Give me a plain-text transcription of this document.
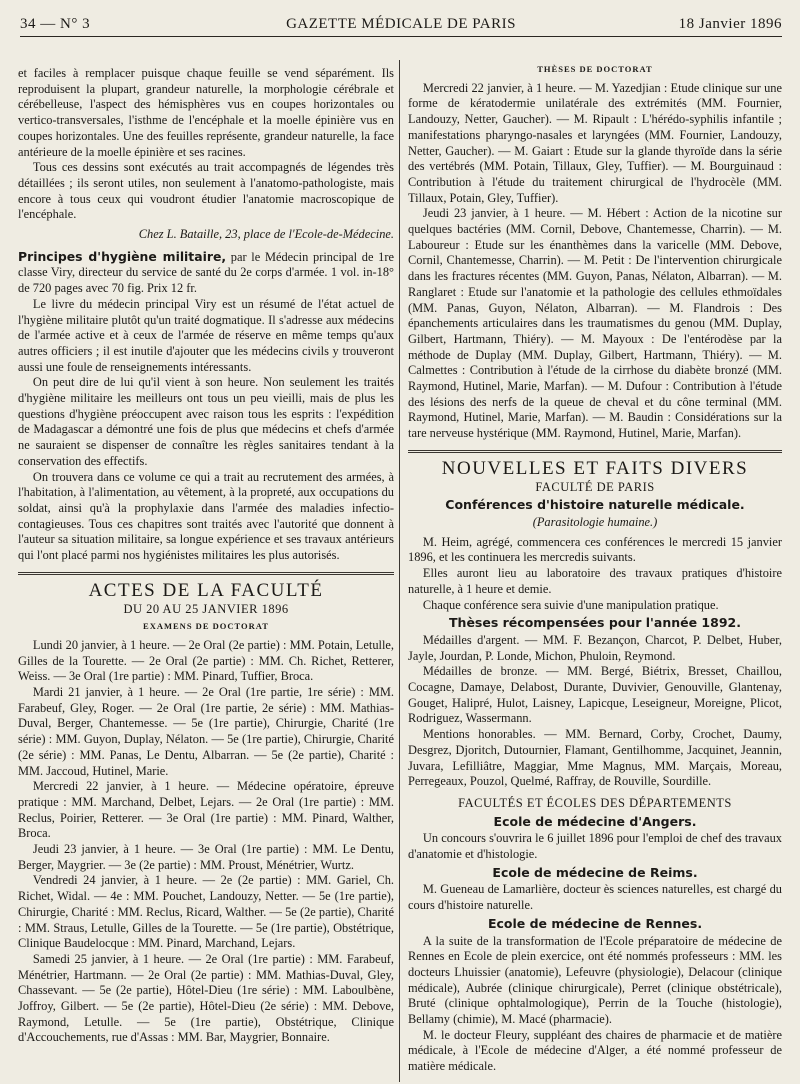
34 — N° 3	GAZETTE MÉDICALE DE PARIS	18 Janvier 1896

et faciles à remplacer puisque chaque feuille se vend séparément. Ils reproduisent la plupart, grandeur naturelle, la morphologie cérébrale et cérébelleuse, l'aspect des hémisphères vus en coupes horizontales ou vertico-transversales, l'isthme de l'encéphale et la moelle épinière vus en coupes horizontales. Une des feuilles représente, grandeur naturelle, la face antérieure de la moelle épinière et ses racines.

Tous ces dessins sont exécutés au trait accompagnés de légendes très détaillées ; ils seront utiles, non seulement à l'anatomo-pathologiste, mais encore à tous ceux qui voudront étudier l'anatomie macroscopique de l'encéphale.

Chez L. Bataille, 23, place de l'Ecole-de-Médecine.

Principes d'hygiène militaire, par le Médecin principal de 1re classe Viry, directeur du service de santé du 2e corps d'armée. 1 vol. in-18° de 720 pages avec 70 fig. Prix 12 fr.

Le livre du médecin principal Viry est un résumé de l'état actuel de l'hygiène militaire plutôt qu'un traité dogmatique. Il s'adresse aux médecins de l'armée active et à ceux de l'armée de réserve en même temps qu'aux autres officiers ; il est inutile d'ajouter que les médecins civils y trouveront aussi une foule de renseignements intéressants.

On peut dire de lui qu'il vient à son heure. Non seulement les traités d'hygiène militaire les meilleurs ont tous un peu vieilli, mais de plus les questions d'hygiène préoccupent avec raison tous les esprits : l'expédition de Madagascar a démontré une fois de plus que médecins et chefs d'armée ne sauraient se dispenser de connaître les règles sanitaires tendant à la conservation des effectifs.

On trouvera dans ce volume ce qui a trait au recrutement des armées, à l'habitation, à l'alimentation, au vêtement, à la propreté, aux occupations du soldat, ainsi qu'à la prophylaxie dans l'armée des maladies infectio-contagieuses. Tous ces chapitres sont traités avec l'autorité que donnent à l'auteur sa situation militaire, sa longue expérience et ses travaux antérieurs qui l'ont placé parmi nos hygiénistes militaires les plus autorisés.

ACTES DE LA FACULTÉ
DU 20 AU 25 JANVIER 1896
EXAMENS DE DOCTORAT

Lundi 20 janvier, à 1 heure. — 2e Oral (2e partie) : MM. Potain, Letulle, Gilles de la Tourette. — 2e Oral (2e partie) : MM. Ch. Richet, Retterer, Weiss. — 3e Oral (1re partie) : MM. Pinard, Tuffier, Broca.

Mardi 21 janvier, à 1 heure. — 2e Oral (1re partie, 1re série) : MM. Farabeuf, Gley, Roger. — 2e Oral (1re partie, 2e série) : MM. Mathias-Duval, Berger, Chantemesse. — 5e (1re partie), Chirurgie, Charité (1re série) : MM. Guyon, Duplay, Nélaton. — 5e (1re partie), Chirurgie, Charité (2e série) : MM. Panas, Le Dentu, Albarran. — 5e (2e partie), Charité : MM. Jaccoud, Hutinel, Marie.

Mercredi 22 janvier, à 1 heure. — Médecine opératoire, épreuve pratique : MM. Marchand, Delbet, Lejars. — 2e Oral (1re partie) : MM. Reclus, Poirier, Retterer. — 3e Oral (1re partie) : MM. Pinard, Walther, Broca.

Jeudi 23 janvier, à 1 heure. — 3e Oral (1re partie) : MM. Le Dentu, Berger, Maygrier. — 3e (2e partie) : MM. Proust, Ménétrier, Wurtz.

Vendredi 24 janvier, à 1 heure. — 2e (2e partie) : MM. Gariel, Ch. Richet, Widal. — 4e : MM. Pouchet, Landouzy, Netter. — 5e (1re partie), Chirurgie, Charité : MM. Reclus, Ricard, Walther. — 5e (2e partie), Charité : MM. Straus, Letulle, Gilles de la Tourette. — 5e (1re partie), Obstétrique, Clinique Baudelocque : MM. Pinard, Marchand, Lejars.

Samedi 25 janvier, à 1 heure. — 2e Oral (1re partie) : MM. Farabeuf, Ménétrier, Hartmann. — 2e Oral (2e partie) : MM. Mathias-Duval, Gley, Chassevant. — 5e (2e partie), Hôtel-Dieu (1re série) : MM. Laboulbène, Joffroy, Gilbert. — 5e (2e partie), Hôtel-Dieu (2e série) : MM. Debove, Raymond, Letulle. — 5e (1re partie), Obstétrique, Clinique d'Accouchements, rue d'Assas : MM. Bar, Maygrier, Bonnaire.

THÈSES DE DOCTORAT

Mercredi 22 janvier, à 1 heure. — M. Yazedjian : Etude clinique sur une forme de kératodermie unilatérale des extrémités (MM. Fournier, Landouzy, Netter, Gaucher). — M. Ripault : L'hérédo-syphilis infantile ; manifestations pharyngo-nasales et laryngées (MM. Fournier, Landouzy, Netter, Gaucher). — M. Gaiart : Etude sur la glande thyroïde dans la série des vertébrés (MM. Potain, Tillaux, Gley, Tuffier). — M. Bourguinaud : Contribution à l'étude du traitement chirurgical de l'hydrocèle (MM. Tillaux, Potain, Gley, Tuffier).

Jeudi 23 janvier, à 1 heure. — M. Hébert : Action de la nicotine sur quelques bactéries (MM. Cornil, Debove, Chantemesse, Charrin). — M. Laboureur : Etude sur les énanthèmes dans la varicelle (MM. Debove, Cornil, Chantemesse, Charrin). — M. Petit : De l'intervention chirurgicale dans les fractures récentes (MM. Guyon, Panas, Nélaton, Albarran). — M. Ranglaret : Etude sur l'anatomie et la pathologie des cellules ethmoïdales (MM. Panas, Guyon, Nélaton, Albarran). — M. Flandrois : Des épanchements articulaires dans les traumatismes du genou (MM. Duplay, Gilbert, Hartmann, Thiéry). — M. Mayoux : De l'entérodèse par la méthode de Duplay (MM. Duplay, Gilbert, Hartmann, Thiéry). — M. Calmettes : Contribution à l'étude de la cirrhose du diabète bronzé (MM. Raymond, Hutinel, Marie, Marfan). — M. Dufour : Contribution à l'étude des lésions des nerfs de la queue de cheval et du cône terminal (MM. Raymond, Hutinel, Marie, Marfan). — M. Baudin : Considérations sur la tare nerveuse hystérique (MM. Raymond, Hutinel, Marie, Marfan).

NOUVELLES ET FAITS DIVERS
FACULTÉ DE PARIS
Conférences d'histoire naturelle médicale.
(Parasitologie humaine.)

M. Heim, agrégé, commencera ces conférences le mercredi 15 janvier 1896, et les continuera les mercredis suivants.

Elles auront lieu au laboratoire des travaux pratiques d'histoire naturelle, à 1 heure et demie.

Chaque conférence sera suivie d'une manipulation pratique.

Thèses récompensées pour l'année 1892.

Médailles d'argent. — MM. F. Bezançon, Charcot, P. Delbet, Huber, Jayle, Jourdan, P. Londe, Michon, Phuloin, Reymond.

Médailles de bronze. — MM. Bergé, Biétrix, Bresset, Chaillou, Cocagne, Damaye, Delabost, Durante, Duvivier, Genouville, Glantenay, Gouget, Halipré, Hulot, Laisney, Lapicque, Leseigneur, Moreigne, Plicot, Rodriguez, Wassermann.

Mentions honorables. — MM. Bernard, Corby, Crochet, Daumy, Desgrez, Djoritch, Dutournier, Flamant, Gentilhomme, Jacquinet, Jeannin, Juvara, Lefilliâtre, Maggiar, Mme Magnus, MM. Marçais, Moreau, Perregeaux, Pouzol, Quelmé, Raffray, de Rouville, Sourdille.

FACULTÉS ET ÉCOLES DES DÉPARTEMENTS
Ecole de médecine d'Angers.

Un concours s'ouvrira le 6 juillet 1896 pour l'emploi de chef des travaux d'anatomie et d'histologie.

Ecole de médecine de Reims.

M. Gueneau de Lamarlière, docteur ès sciences naturelles, est chargé du cours d'histoire naturelle.

Ecole de médecine de Rennes.

A la suite de la transformation de l'Ecole préparatoire de médecine de Rennes en Ecole de plein exercice, ont été nommés professeurs : MM. les docteurs Lhuissier (anatomie), Lefeuvre (physiologie), Delacour (clinique médicale), Aubrée (clinique chirurgicale), Perret (clinique obstétricale), Bruté (clinique ophtalmologique), Perrin de la Touche (histologie), Bellamy (chimie), M. Macé (pharmacie).

M. le docteur Fleury, suppléant des chaires de pharmacie et de matière médicale, à l'Ecole de médecine d'Alger, a été nommé professeur de matière médicale.
